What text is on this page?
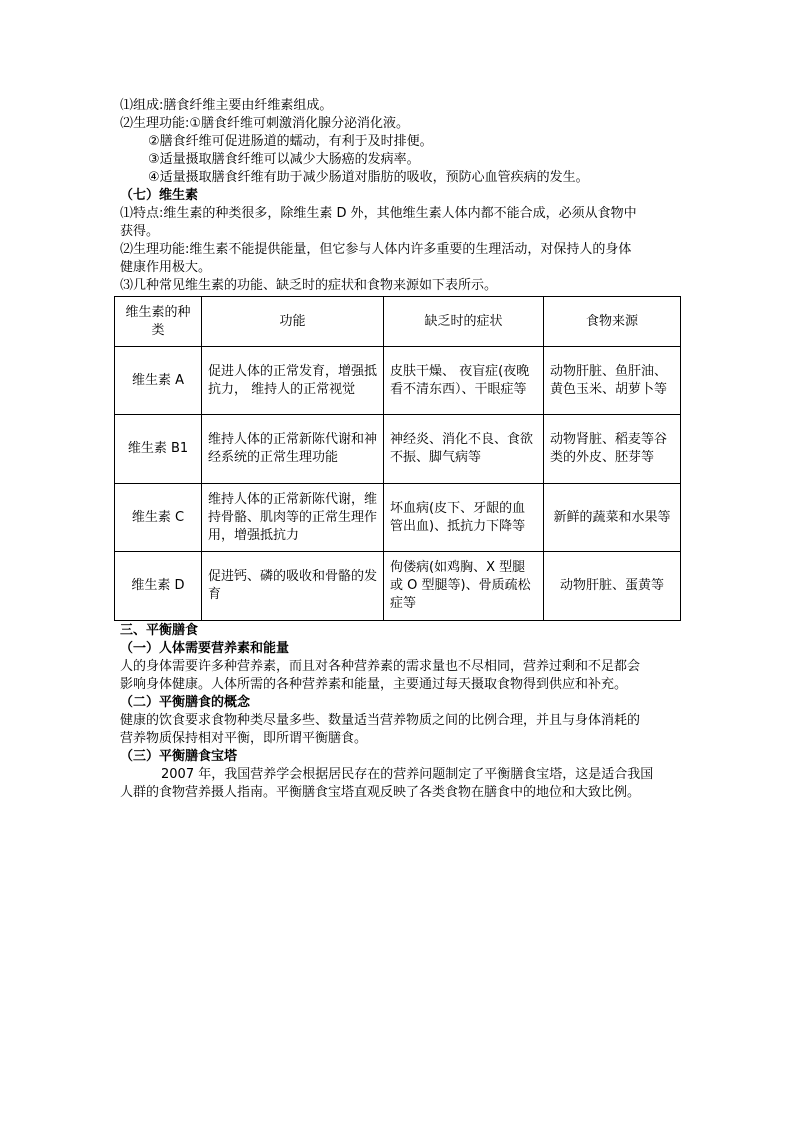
⑴组成:膳食纤维主要由纤维素组成。
⑵生理功能:①膳食纤维可刺激消化腺分泌消化液。
②膳食纤维可促进肠道的蠕动，有利于及时排便。
③适量摄取膳食纤维可以减少大肠癌的发病率。
④适量摄取膳食纤维有助于减少肠道对脂肪的吸收，预防心血管疾病的发生。
（七）维生素
⑴特点:维生素的种类很多，除维生素 D 外，其他维生素人体内都不能合成，必须从食物中
获得。
⑵生理功能:维生素不能提供能量，但它参与人体内许多重要的生理活动，对保持人的身体
健康作用极大。
⑶几种常见维生素的功能、缺乏时的症状和食物来源如下表所示。
维生素的种类	功能	缺乏时的症状	食物来源
维生素 A	促进人体的正常发育，增强抵抗力， 维持人的正常视觉	皮肤干燥、 夜盲症(夜晚看不清东西）、干眼症等	动物肝脏、鱼肝油、黄色玉米、胡萝卜等
维生素 B1	维持人体的正常新陈代谢和神经系统的正常生理功能	神经炎、消化不良、食欲不振、脚气病等	动物肾脏、稻麦等谷类的外皮、胚芽等
维生素 C	维持人体的正常新陈代谢，维持骨骼、肌肉等的正常生理作用，增强抵抗力	坏血病(皮下、牙龈的血管出血)、抵抗力下降等	新鲜的蔬菜和水果等
维生素 D	促进钙、磷的吸收和骨骼的发育	佝偻病(如鸡胸、X 型腿或 O 型腿等)、骨质疏松症等	动物肝脏、蛋黄等
三、平衡膳食
（一）人体需要营养素和能量
人的身体需要许多种营养素，而且对各种营养素的需求量也不尽相同，营养过剩和不足都会
影响身体健康。人体所需的各种营养素和能量，主要通过每天摄取食物得到供应和补充。
（二）平衡膳食的概念
健康的饮食要求食物种类尽量多些、数量适当营养物质之间的比例合理，并且与身体消耗的
营养物质保持相对平衡，即所谓平衡膳食。
（三）平衡膳食宝塔
2007 年，我国营养学会根据居民存在的营养问题制定了平衡膳食宝塔，这是适合我国
人群的食物营养摄人指南。平衡膳食宝塔直观反映了各类食物在膳食中的地位和大致比例。
